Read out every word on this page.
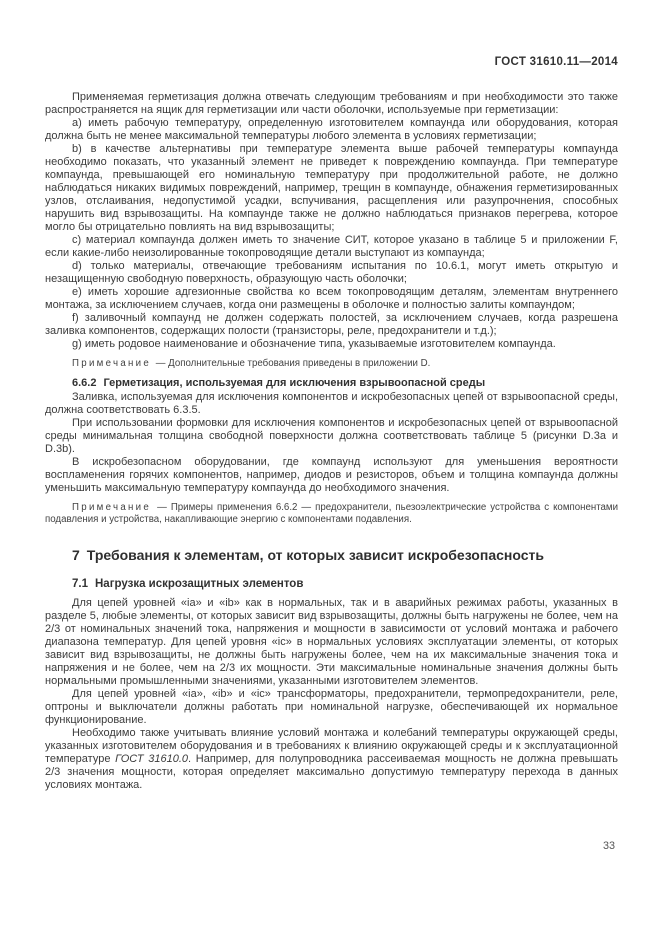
ГОСТ 31610.11—2014

Применяемая герметизация должна отвечать следующим требованиям и при необходимости это также распространяется на ящик для герметизации или части оболочки, используемые при герметизации:

a) иметь рабочую температуру, определенную изготовителем компаунда или оборудования, которая должна быть не менее максимальной температуры любого элемента в условиях герметизации;

b) в качестве альтернативы при температуре элемента выше рабочей температуры компаунда необходимо показать, что указанный элемент не приведет к повреждению компаунда. При температуре компаунда, превышающей его номинальную температуру при продолжительной работе, не должно наблюдаться никаких видимых повреждений, например, трещин в компаунде, обнажения герметизированных узлов, отслаивания, недопустимой усадки, вспучивания, расщепления или разупрочнения, способных нарушить вид взрывозащиты. На компаунде также не должно наблюдаться признаков перегрева, которое могло бы отрицательно повлиять на вид взрывозащиты;

c) материал компаунда должен иметь то значение СИТ, которое указано в таблице 5 и приложении F, если какие-либо неизолированные токопроводящие детали выступают из компаунда;

d) только материалы, отвечающие требованиям испытания по 10.6.1, могут иметь открытую и незащищенную свободную поверхность, образующую часть оболочки;

e) иметь хорошие адгезионные свойства ко всем токопроводящим деталям, элементам внутреннего монтажа, за исключением случаев, когда они размещены в оболочке и полностью залиты компаундом;

f) заливочный компаунд не должен содержать полостей, за исключением случаев, когда разрешена заливка компонентов, содержащих полости (транзисторы, реле, предохранители и т.д.);

g) иметь родовое наименование и обозначение типа, указываемые изготовителем компаунда.

Примечание — Дополнительные требования приведены в приложении D.

6.6.2 Герметизация, используемая для исключения взрывоопасной среды

Заливка, используемая для исключения компонентов и искробезопасных цепей от взрывоопасной среды, должна соответствовать 6.3.5.

При использовании формовки для исключения компонентов и искробезопасных цепей от взрывоопасной среды минимальная толщина свободной поверхности должна соответствовать таблице 5 (рисунки D.3a и D.3b).

В искробезопасном оборудовании, где компаунд используют для уменьшения вероятности воспламенения горячих компонентов, например, диодов и резисторов, объем и толщина компаунда должны уменьшить максимальную температуру компаунда до необходимого значения.

Примечание — Примеры применения 6.6.2 — предохранители, пьезоэлектрические устройства с компонентами подавления и устройства, накапливающие энергию с компонентами подавления.

7 Требования к элементам, от которых зависит искробезопасность
7.1 Нагрузка искрозащитных элементов

Для цепей уровней «ia» и «ib» как в нормальных, так и в аварийных режимах работы, указанных в разделе 5, любые элементы, от которых зависит вид взрывозащиты, должны быть нагружены не более, чем на 2/3 от номинальных значений тока, напряжения и мощности в зависимости от условий монтажа и рабочего диапазона температур. Для цепей уровня «ic» в нормальных условиях эксплуатации элементы, от которых зависит вид взрывозащиты, не должны быть нагружены более, чем на их максимальные значения тока и напряжения и не более, чем на 2/3 их мощности. Эти максимальные номинальные значения должны быть нормальными промышленными значениями, указанными изготовителем элементов.

Для цепей уровней «ia», «ib» и «ic» трансформаторы, предохранители, термопредохранители, реле, оптроны и выключатели должны работать при номинальной нагрузке, обеспечивающей их нормальное функционирование.

Необходимо также учитывать влияние условий монтажа и колебаний температуры окружающей среды, указанных изготовителем оборудования и в требованиях к влиянию окружающей среды и к эксплуатационной температуре ГОСТ 31610.0. Например, для полупроводника рассеиваемая мощность не должна превышать 2/3 значения мощности, которая определяет максимально допустимую температуру перехода в данных условиях монтажа.

33
